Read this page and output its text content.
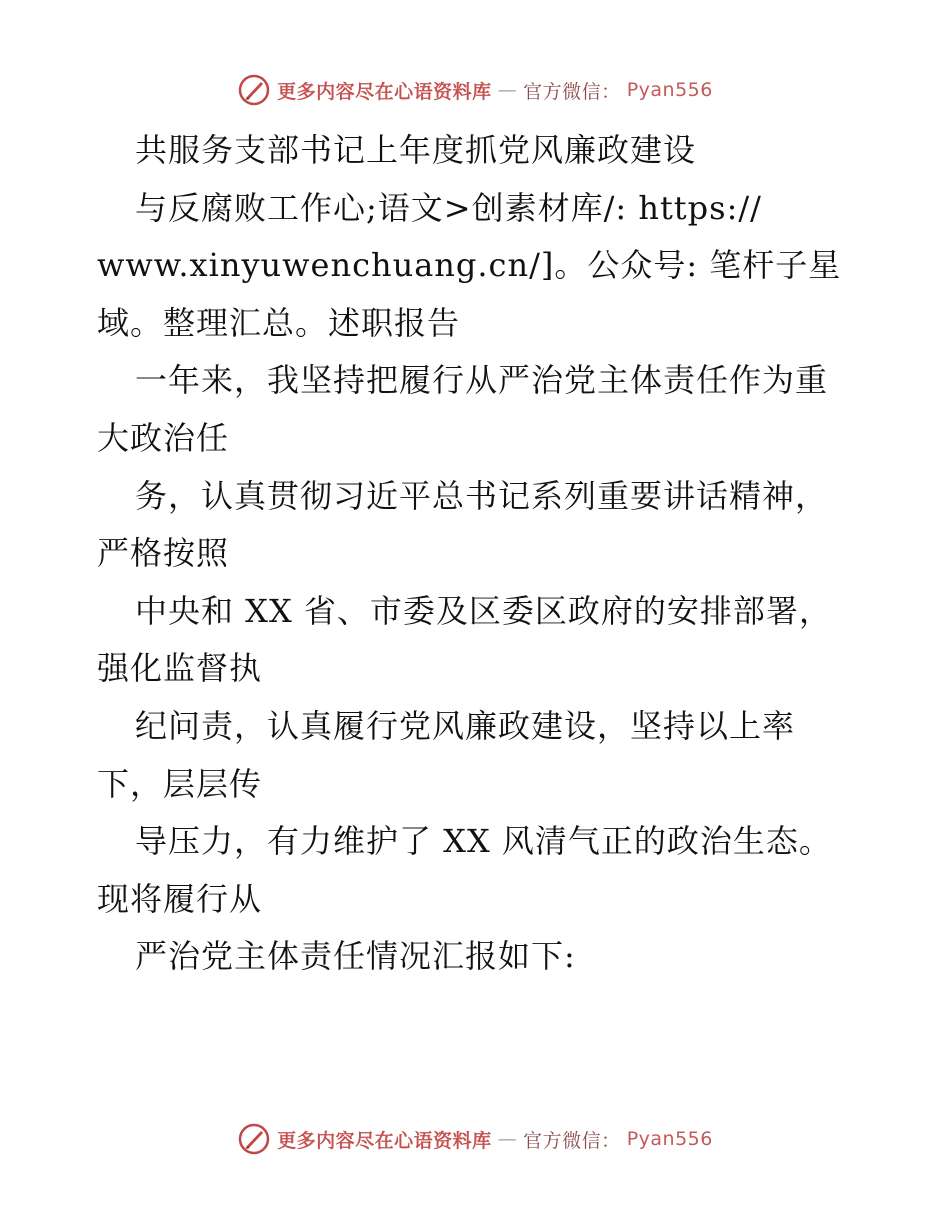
更多内容尽在心语资料库 — 官方微信： Pyan556
共服务支部书记上年度抓党风廉政建设
与反腐败工作心;语文>创素材库/: https://
www.xinyuwenchuang.cn/]。公众号: 笔杆子星
域。整理汇总。述职报告
一年来，我坚持把履行从严治党主体责任作为重
大政治任
务，认真贯彻习近平总书记系列重要讲话精神，
严格按照
中央和 XX 省、市委及区委区政府的安排部署，
强化监督执
纪问责，认真履行党风廉政建设，坚持以上率
下，层层传
导压力，有力维护了 XX 风清气正的政治生态。
现将履行从
严治党主体责任情况汇报如下:
更多内容尽在心语资料库 — 官方微信： Pyan556
